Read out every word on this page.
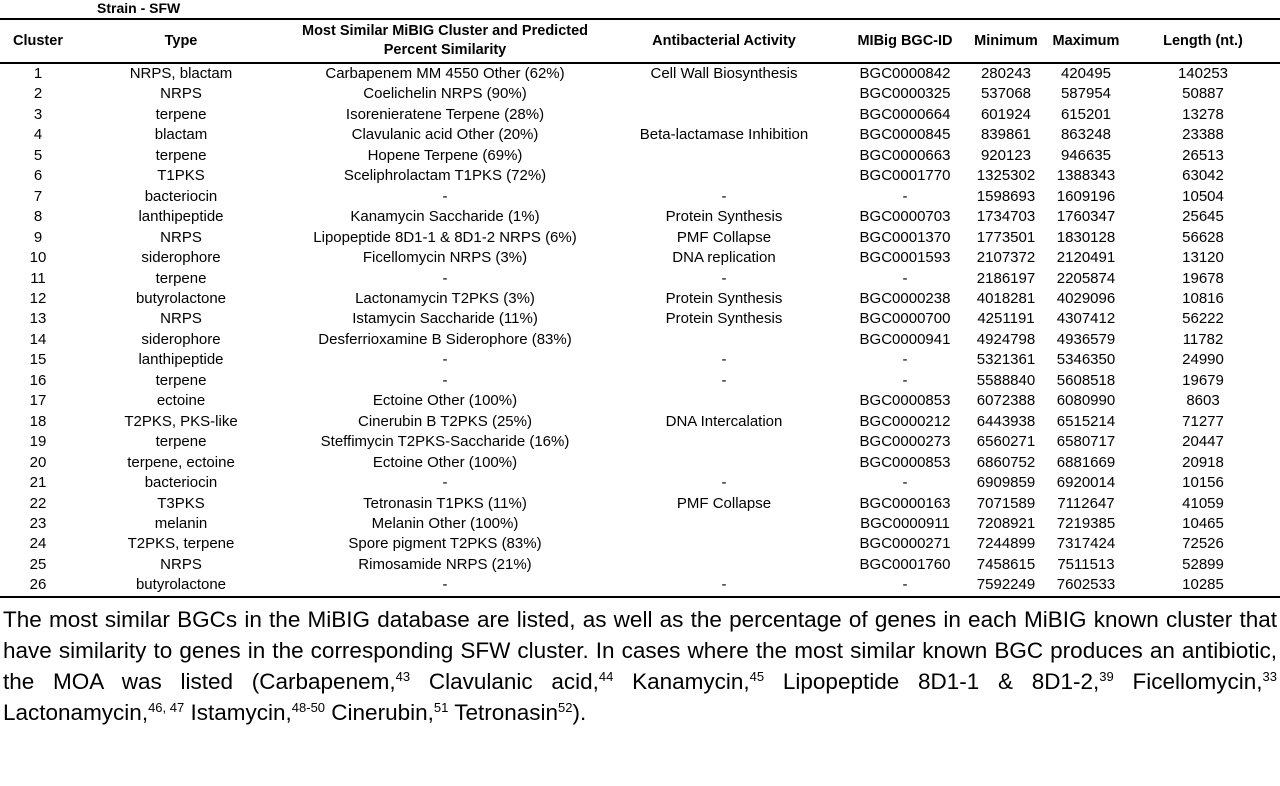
Strain - SFW
Cluster	Type	Most Similar MiBIG Cluster and Predicted Percent Similarity	Antibacterial Activity	MIBig BGC-ID	Minimum	Maximum	Length (nt.)
1	NRPS, blactam	Carbapenem MM 4550 Other (62%)	Cell Wall Biosynthesis	BGC0000842	280243	420495	140253
2	NRPS	Coelichelin NRPS (90%)		BGC0000325	537068	587954	50887
3	terpene	Isorenieratene Terpene (28%)		BGC0000664	601924	615201	13278
4	blactam	Clavulanic acid Other (20%)	Beta-lactamase Inhibition	BGC0000845	839861	863248	23388
5	terpene	Hopene Terpene (69%)		BGC0000663	920123	946635	26513
6	T1PKS	Sceliphrolactam T1PKS (72%)		BGC0001770	1325302	1388343	63042
7	bacteriocin	-	-	-	1598693	1609196	10504
8	lanthipeptide	Kanamycin Saccharide (1%)	Protein Synthesis	BGC0000703	1734703	1760347	25645
9	NRPS	Lipopeptide 8D1-1 & 8D1-2 NRPS (6%)	PMF Collapse	BGC0001370	1773501	1830128	56628
10	siderophore	Ficellomycin NRPS (3%)	DNA replication	BGC0001593	2107372	2120491	13120
11	terpene	-	-	-	2186197	2205874	19678
12	butyrolactone	Lactonamycin T2PKS (3%)	Protein Synthesis	BGC0000238	4018281	4029096	10816
13	NRPS	Istamycin Saccharide (11%)	Protein Synthesis	BGC0000700	4251191	4307412	56222
14	siderophore	Desferrioxamine B Siderophore (83%)		BGC0000941	4924798	4936579	11782
15	lanthipeptide	-	-	-	5321361	5346350	24990
16	terpene	-	-	-	5588840	5608518	19679
17	ectoine	Ectoine Other (100%)		BGC0000853	6072388	6080990	8603
18	T2PKS, PKS-like	Cinerubin B T2PKS (25%)	DNA Intercalation	BGC0000212	6443938	6515214	71277
19	terpene	Steffimycin T2PKS-Saccharide (16%)		BGC0000273	6560271	6580717	20447
20	terpene, ectoine	Ectoine Other (100%)		BGC0000853	6860752	6881669	20918
21	bacteriocin	-	-	-	6909859	6920014	10156
22	T3PKS	Tetronasin T1PKS (11%)	PMF Collapse	BGC0000163	7071589	7112647	41059
23	melanin	Melanin Other (100%)		BGC0000911	7208921	7219385	10465
24	T2PKS, terpene	Spore pigment T2PKS (83%)		BGC0000271	7244899	7317424	72526
25	NRPS	Rimosamide NRPS (21%)		BGC0001760	7458615	7511513	52899
26	butyrolactone	-	-	-	7592249	7602533	10285
The most similar BGCs in the MiBIG database are listed, as well as the percentage of genes in each MiBIG known cluster that have similarity to genes in the corresponding SFW cluster. In cases where the most similar known BGC produces an antibiotic, the MOA was listed (Carbapenem,$^{43}$ Clavulanic acid,$^{44}$ Kanamycin,$^{45}$ Lipopeptide 8D1-1 & 8D1-2,39 Ficellomycin,$^{33}$ Lactonamycin,$^{46, 47}$ Istamycin,$^{48-50}$ Cinerubin,$^{51}$ Tetronasin$^{52}$).
